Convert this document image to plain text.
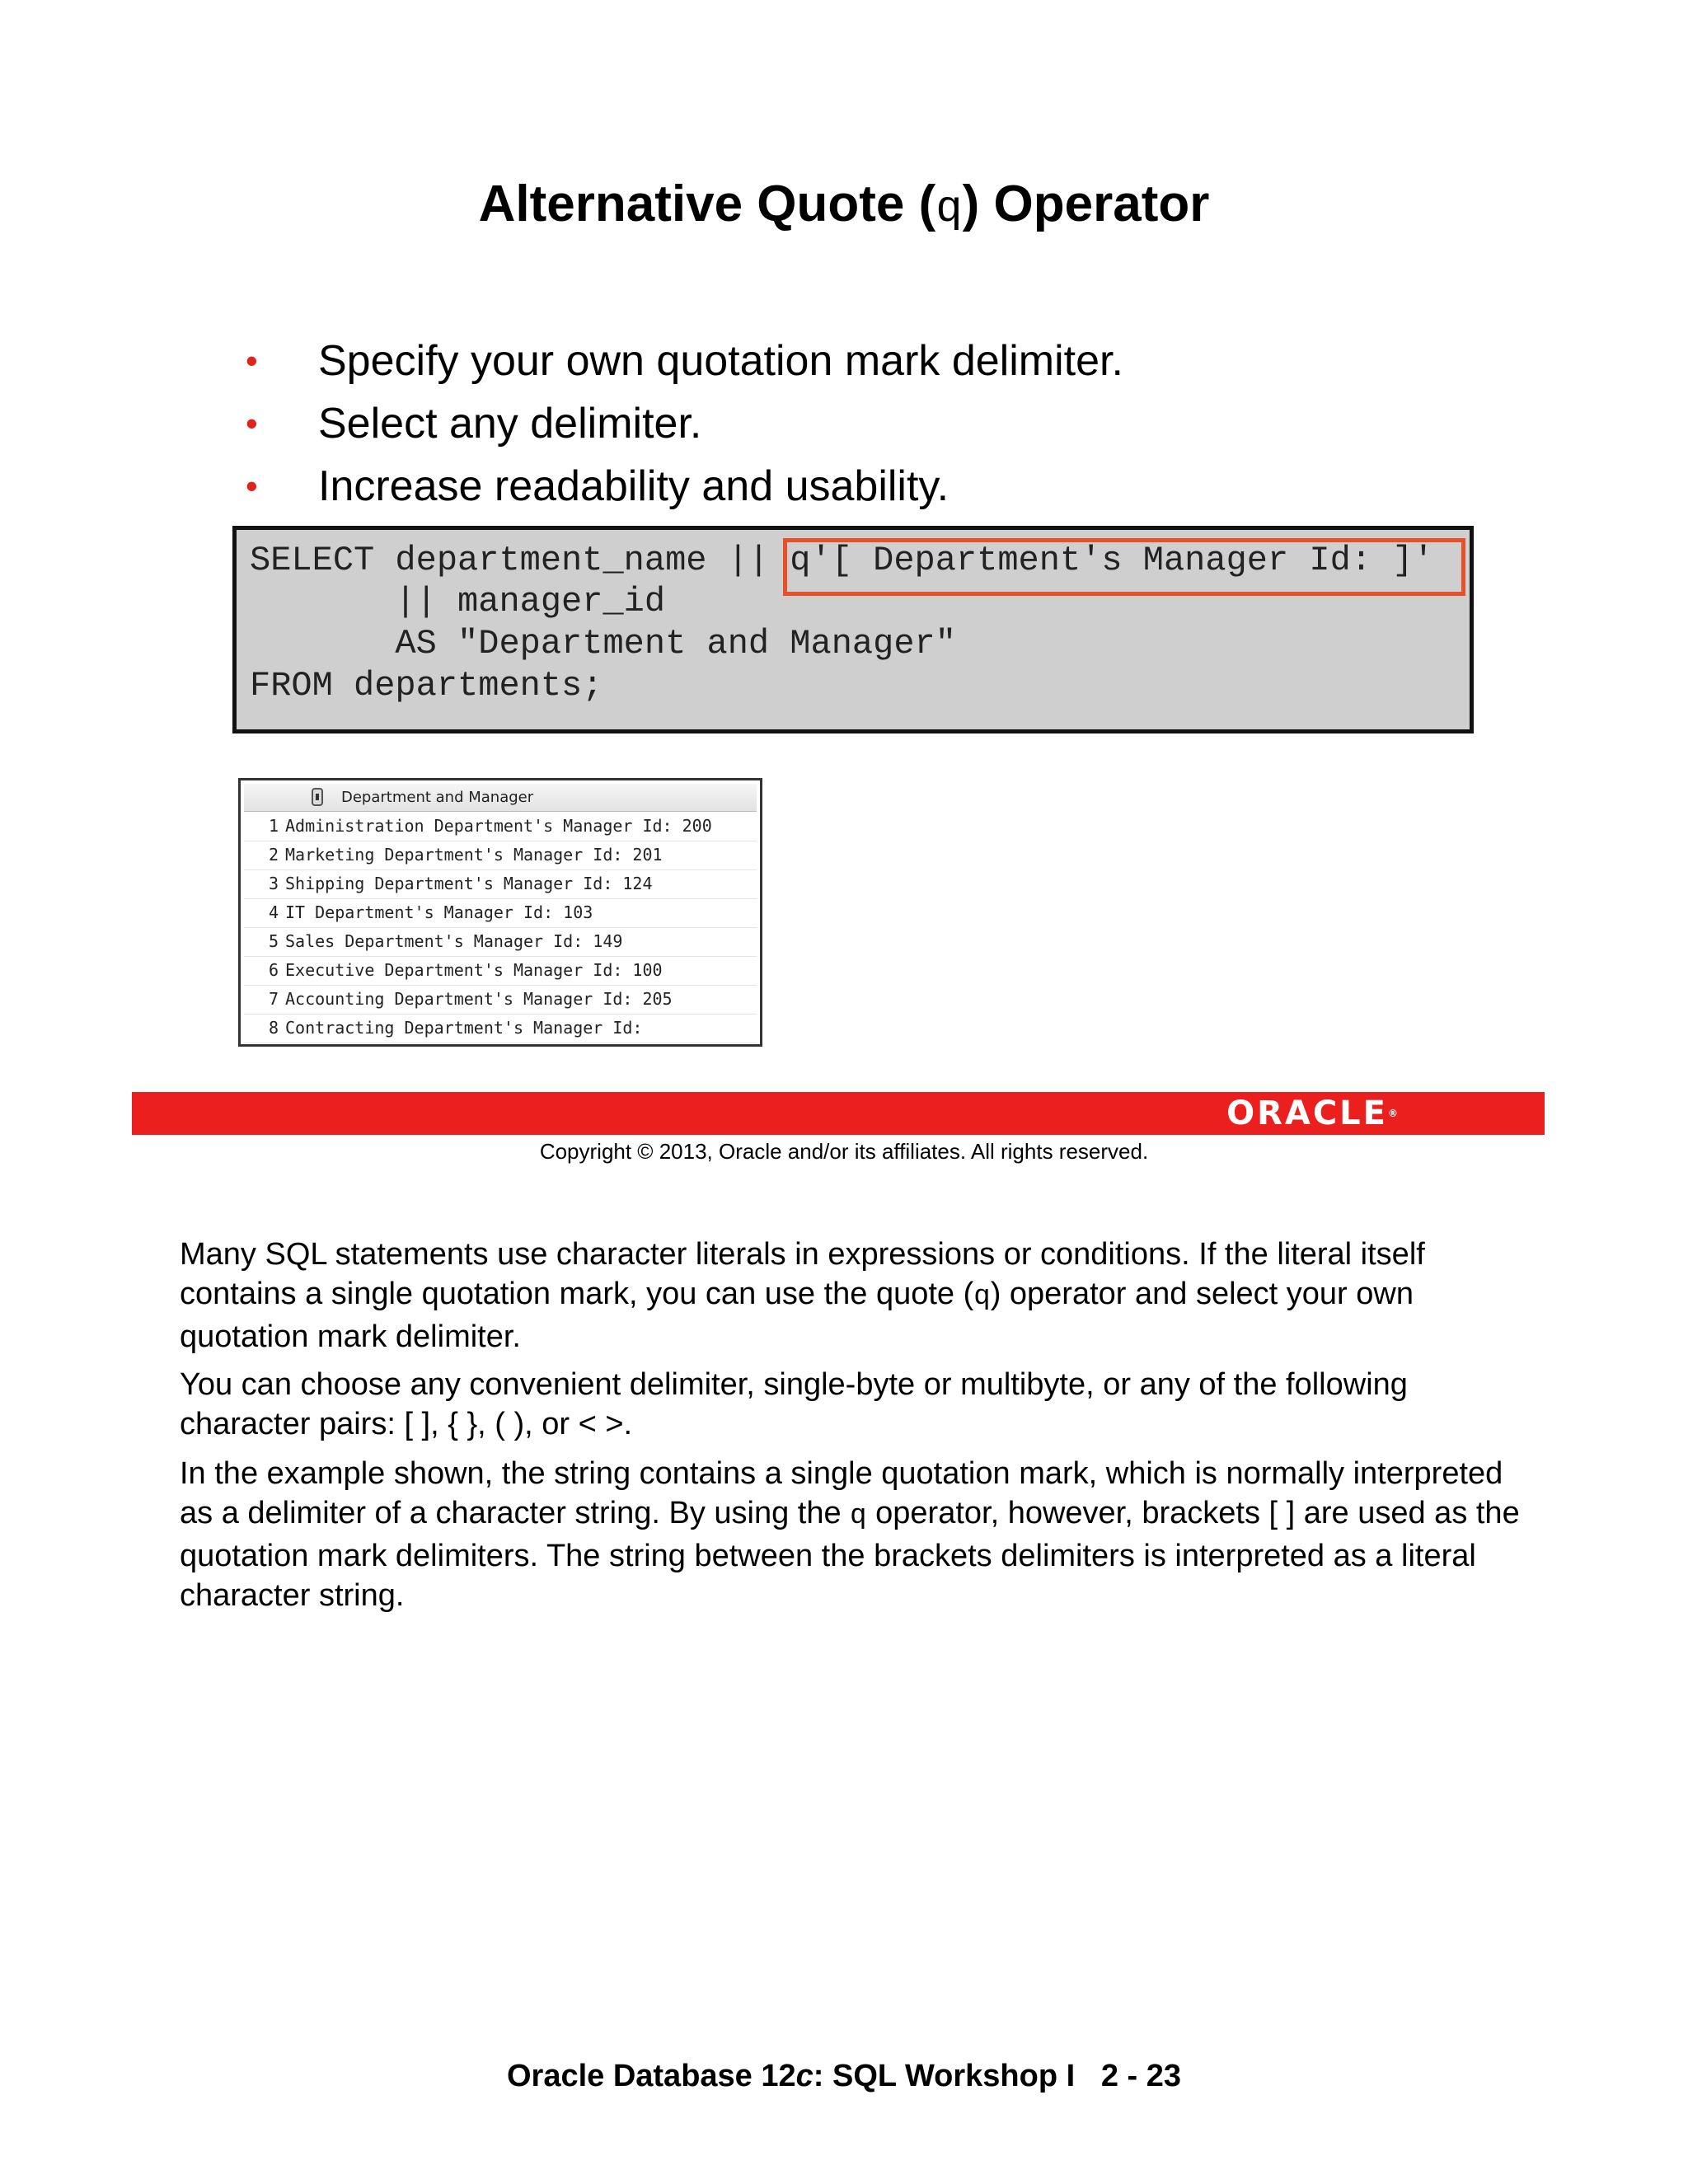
Alternative Quote (q) Operator
• Specify your own quotation mark delimiter.
• Select any delimiter.
• Increase readability and usability.
SELECT department_name || q'[ Department's Manager Id: ]'
|| manager_id
AS "Department and Manager"
FROM departments;
Department and Manager
1 Administration Department's Manager Id: 200
2 Marketing Department's Manager Id: 201
3 Shipping Department's Manager Id: 124
4 IT Department's Manager Id: 103
5 Sales Department's Manager Id: 149
6 Executive Department's Manager Id: 100
7 Accounting Department's Manager Id: 205
8 Contracting Department's Manager Id:
ORACLE®
Copyright © 2013, Oracle and/or its affiliates. All rights reserved.
Many SQL statements use character literals in expressions or conditions. If the literal itself contains a single quotation mark, you can use the quote (q) operator and select your own quotation mark delimiter.
You can choose any convenient delimiter, single-byte or multibyte, or any of the following character pairs: [ ], { }, ( ), or < >.
In the example shown, the string contains a single quotation mark, which is normally interpreted as a delimiter of a character string. By using the q operator, however, brackets [ ] are used as the quotation mark delimiters. The string between the brackets delimiters is interpreted as a literal character string.
Oracle Database 12c: SQL Workshop I   2 - 23
